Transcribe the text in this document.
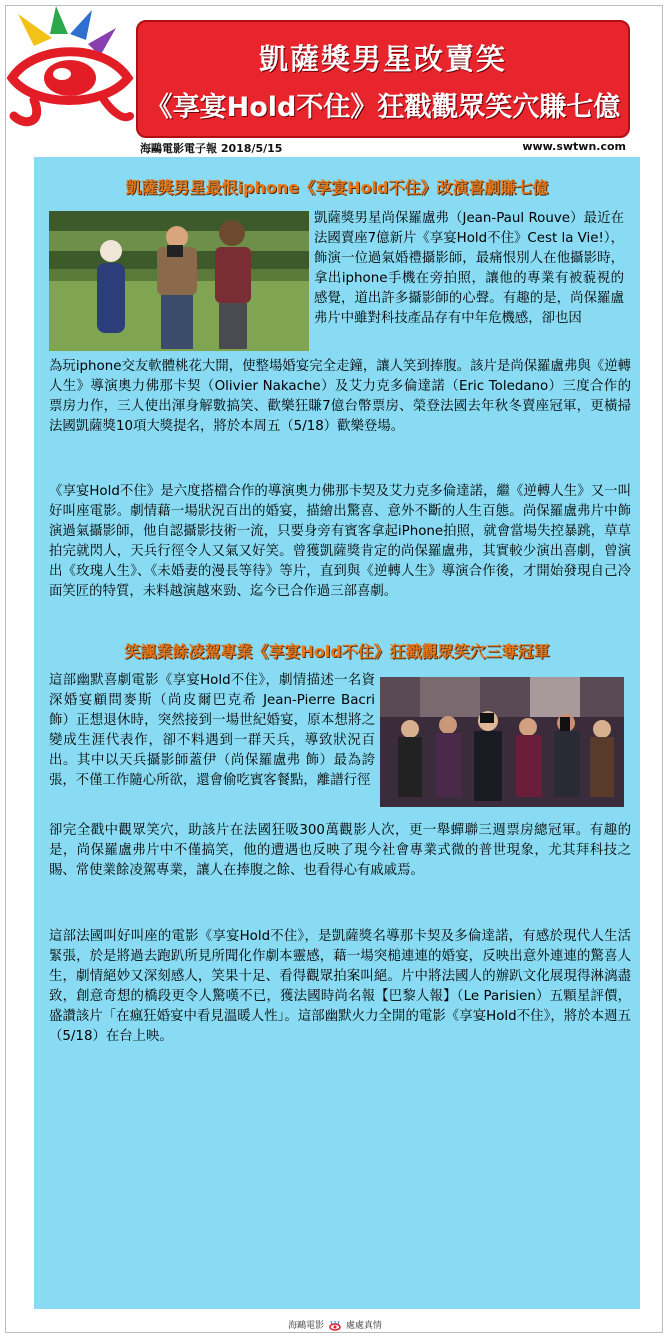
凱薩獎男星改賣笑
《享宴Hold不住》狂戳觀眾笑穴賺七億
海鷗電影電子報 2018/5/15	www.swtwn.com
凱薩獎男星最恨iphone《享宴Hold不住》改演喜劇賺七億

凱薩獎男星尚保羅盧弗（Jean-Paul Rouve）最近在法國賣座7億新片《享宴Hold不住》Cest la Vie!），飾演一位過氣婚禮攝影師，最痛恨別人在他攝影時，拿出iphone手機在旁拍照，讓他的專業有被藐視的感覺，道出許多攝影師的心聲。有趣的是，尚保羅盧弗片中雖對科技產品存有中年危機感，卻也因

為玩iphone交友軟體桃花大開，使整場婚宴完全走鐘，讓人笑到捧腹。該片是尚保羅盧弗與《逆轉人生》導演奧力佛那卡契（Olivier Nakache）及艾力克多倫達諾（Eric Toledano）三度合作的票房力作，三人使出渾身解數搞笑、歡樂狂賺7億台幣票房、榮登法國去年秋冬賣座冠軍，更橫掃法國凱薩獎10項大獎提名，將於本周五（5/18）歡樂登場。

《享宴Hold不住》是六度搭檔合作的導演奧力佛那卡契及艾力克多倫達諾，繼《逆轉人生》又一叫好叫座電影。劇情藉一場狀況百出的婚宴，描繪出驚喜、意外不斷的人生百態。尚保羅盧弗片中飾演過氣攝影師，他自認攝影技術一流，只要身旁有賓客拿起iPhone拍照，就會當場失控暴跳，草草拍完就閃人，天兵行徑令人又氣又好笑。曾獲凱薩獎肯定的尚保羅盧弗，其實較少演出喜劇，曾演出《玫瑰人生》、《未婚妻的漫長等待》等片，直到與《逆轉人生》導演合作後，才開始發現自己冷面笑匠的特質，未料越演越來勁、迄今已合作過三部喜劇。

笑諷業餘凌駕專業《享宴Hold不住》狂戳觀眾笑穴三奪冠軍

這部幽默喜劇電影《享宴Hold不住》，劇情描述一名資深婚宴顧問麥斯（尚皮爾巴克希 Jean-Pierre Bacri 飾）正想退休時，突然接到一場世紀婚宴，原本想將之變成生涯代表作，卻不料遇到一群天兵，導致狀況百出。其中以天兵攝影師蓋伊（尚保羅盧弗 飾）最為誇張，不僅工作隨心所欲，還會偷吃賓客餐點，離譜行徑

卻完全戳中觀眾笑穴，助該片在法國狂吸300萬觀影人次，更一舉蟬聯三週票房總冠軍。有趣的是，尚保羅盧弗片中不僅搞笑，他的遭遇也反映了現今社會專業式微的普世現象，尤其拜科技之賜、常使業餘凌駕專業，讓人在捧腹之餘、也看得心有戚戚焉。

這部法國叫好叫座的電影《享宴Hold不住》，是凱薩獎名導那卡契及多倫達諾，有感於現代人生活緊張，於是將過去跑趴所見所聞化作劇本靈感，藉一場突槌連連的婚宴，反映出意外連連的驚喜人生，劇情絕妙又深刻感人，笑果十足、看得觀眾拍案叫絕。片中將法國人的辦趴文化展現得淋漓盡致，創意奇想的橋段更令人驚嘆不已，獲法國時尚名報【巴黎人報】（Le Parisien）五顆星評價，盛讚該片「在瘋狂婚宴中看見溫暖人性」。這部幽默火力全開的電影《享宴Hold不住》，將於本週五（5/18）在台上映。

海鷗電影 處處真情
